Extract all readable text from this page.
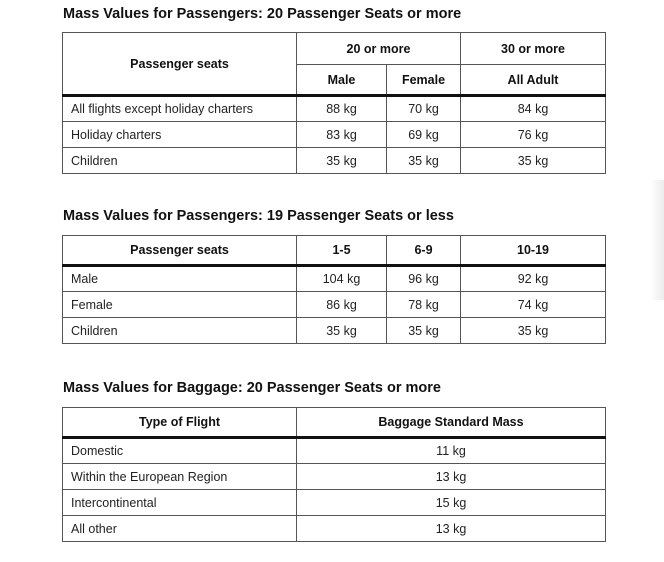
Mass Values for Passengers: 20 Passenger Seats or more
Passenger seats	20 or more		30 or more
	Male	Female	All Adult
All flights except holiday charters	88 kg	70 kg	84 kg
Holiday charters	83 kg	69 kg	76 kg
Children	35 kg	35 kg	35 kg
Mass Values for Passengers: 19 Passenger Seats or less
Passenger seats	1-5	6-9	10-19
Male	104 kg	96 kg	92 kg
Female	86 kg	78 kg	74 kg
Children	35 kg	35 kg	35 kg
Mass Values for Baggage: 20 Passenger Seats or more
Type of Flight	Baggage Standard Mass
Domestic	11 kg
Within the European Region	13 kg
Intercontinental	15 kg
All other	13 kg
